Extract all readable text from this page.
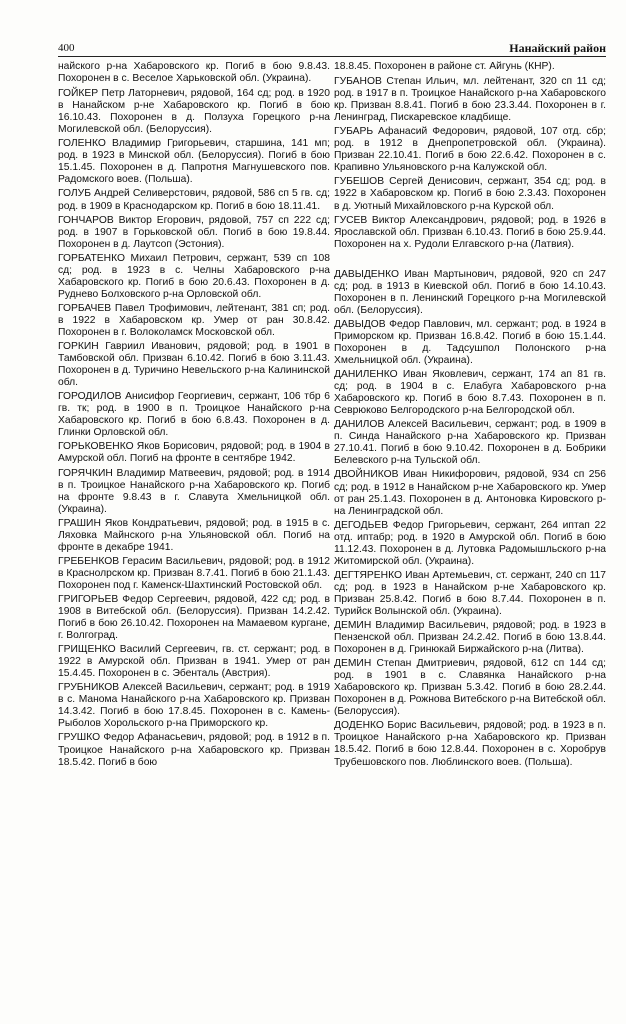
400	Нанайский район
найского р-на Хабаровского кр. Погиб в бою 9.8.43. Похоронен в с. Веселое Харьковской обл. (Украина).
ГОЙКЕР Петр Латорневич, рядовой, 164 сд; род. в 1920 в Нанайском р-не Хабаровского кр. Погиб в бою 16.10.43. Похоронен в д. Ползуха Горецкого р-на Могилевской обл. (Белоруссия).
ГОЛЕНКО Владимир Григорьевич, старшина, 141 мп; род. в 1923 в Минской обл. (Белоруссия). Погиб в бою 15.1.45. Похоронен в д. Папротня Магнушевского пов. Радомского воев. (Польша).
ГОЛУБ Андрей Селиверстович, рядовой, 586 сп 5 гв. сд; род. в 1909 в Краснодарском кр. Погиб в бою 18.11.41.
ГОНЧАРОВ Виктор Егорович, рядовой, 757 сп 222 сд; род. в 1907 в Горьковской обл. Погиб в бою 19.8.44. Похоронен в д. Лаутсоп (Эстония).
ГОРБАТЕНКО Михаил Петрович, сержант, 539 сп 108 сд; род. в 1923 в с. Челны Хабаровского р-на Хабаровского кр. Погиб в бою 20.6.43. Похоронен в д. Руднево Болховского р-на Орловской обл.
ГОРБАЧЕВ Павел Трофимович, лейтенант, 381 сп; род. в 1922 в Хабаровском кр. Умер от ран 30.8.42. Похоронен в г. Волоколамск Московской обл.
ГОРКИН Гавриил Иванович, рядовой; род. в 1901 в Тамбовской обл. Призван 6.10.42. Погиб в бою 3.11.43. Похоронен в д. Туричино Невельского р-на Калининской обл.
ГОРОДИЛОВ Анисифор Георгиевич, сержант, 106 тбр 6 гв. тк; род. в 1900 в п. Троицкое Нанайского р-на Хабаровского кр. Погиб в бою 6.8.43. Похоронен в д. Глинки Орловской обл.
ГОРЬКОВЕНКО Яков Борисович, рядовой; род. в 1904 в Амурской обл. Погиб на фронте в сентябре 1942.
ГОРЯЧКИН Владимир Матвеевич, рядовой; род. в 1914 в п. Троицкое Нанайского р-на Хабаровского кр. Погиб на фронте 9.8.43 в г. Славута Хмельницкой обл. (Украина).
ГРАШИН Яков Кондратьевич, рядовой; род. в 1915 в с. Ляховка Майнского р-на Ульяновской обл. Погиб на фронте в декабре 1941.
ГРЕБЕНКОВ Герасим Васильевич, рядовой; род. в 1912 в Краснолрском кр. Призван 8.7.41. Погиб в бою 21.1.43. Похоронен под г. Каменск-Шахтинский Ростовской обл.
ГРИГОРЬЕВ Федор Сергеевич, рядовой, 422 сд; род. в 1908 в Витебской обл. (Белоруссия). Призван 14.2.42. Погиб в бою 26.10.42. Похоронен на Мамаевом кургане, г. Волгоград.
ГРИЩЕНКО Василий Сергеевич, гв. ст. сержант; род. в 1922 в Амурской обл. Призван в 1941. Умер от ран 15.4.45. Похоронен в с. Эбенталь (Австрия).
ГРУБНИКОВ Алексей Васильевич, сержант; род. в 1919 в с. Манома Нанайского р-на Хабаровского кр. Призван 14.3.42. Погиб в бою 17.8.45. Похоронен в с. Камень-Рыболов Хорольского р-на Приморского кр.
ГРУШКО Федор Афанасьевич, рядовой; род. в 1912 в п. Троицкое Нанайского р-на Хабаровского кр. Призван 18.5.42. Погиб в бою
18.8.45. Похоронен в районе ст. Айгунь (КНР).
ГУБАНОВ Степан Ильич, мл. лейтенант, 320 сп 11 сд; род. в 1917 в п. Троицкое Нанайского р-на Хабаровского кр. Призван 8.8.41. Погиб в бою 23.3.44. Похоронен в г. Ленинград, Пискаревское кладбище.
ГУБАРЬ Афанасий Федорович, рядовой, 107 отд. сбр; род. в 1912 в Днепропетровской обл. (Украина). Призван 22.10.41. Погиб в бою 22.6.42. Похоронен в с. Крапивно Ульяновского р-на Калужской обл.
ГУБЕШОВ Сергей Денисович, сержант, 354 сд; род. в 1922 в Хабаровском кр. Погиб в бою 2.3.43. Похоронен в д. Уютный Михайловского р-на Курской обл.
ГУСЕВ Виктор Александрович, рядовой; род. в 1926 в Ярославской обл. Призван 6.10.43. Погиб в бою 25.9.44. Похоронен на х. Рудоли Елгавского р-на (Латвия).
ДАВЫДЕНКО Иван Мартынович, рядовой, 920 сп 247 сд; род. в 1913 в Киевской обл. Погиб в бою 14.10.43. Похоронен в п. Ленинский Горецкого р-на Могилевской обл. (Белоруссия).
ДАВЫДОВ Федор Павлович, мл. сержант; род. в 1924 в Приморском кр. Призван 16.8.42. Погиб в бою 15.1.44. Похоронен в д. Тадсушпол Полонского р-на Хмельницкой обл. (Украина).
ДАНИЛЕНКО Иван Яковлевич, сержант, 174 ап 81 гв. сд; род. в 1904 в с. Елабуга Хабаровского р-на Хабаровского кр. Погиб в бою 8.7.43. Похоронен в п. Севрюково Белгородского р-на Белгородской обл.
ДАНИЛОВ Алексей Васильевич, сержант; род. в 1909 в п. Синда Нанайского р-на Хабаровского кр. Призван 27.10.41. Погиб в бою 9.10.42. Похоронен в д. Бобрики Белевского р-на Тульской обл.
ДВОЙНИКОВ Иван Никифорович, рядовой, 934 сп 256 сд; род. в 1912 в Нанайском р-не Хабаровского кр. Умер от ран 25.1.43. Похоронен в д. Антоновка Кировского р-на Ленинградской обл.
ДЕГОДЬЕВ Федор Григорьевич, сержант, 264 иптап 22 отд. иптабр; род. в 1920 в Амурской обл. Погиб в бою 11.12.43. Похоронен в д. Лутовка Радомышльского р-на Житомирской обл. (Украина).
ДЕГТЯРЕНКО Иван Артемьевич, ст. сержант, 240 сп 117 сд; род. в 1923 в Нанайском р-не Хабаровского кр. Призван 25.8.42. Погиб в бою 8.7.44. Похоронен в п. Турийск Волынской обл. (Украина).
ДЕМИН Владимир Васильевич, рядовой; род. в 1923 в Пензенской обл. Призван 24.2.42. Погиб в бою 13.8.44. Похоронен в д. Гринюкай Биржайского р-на (Литва).
ДЕМИН Степан Дмитриевич, рядовой, 612 сп 144 сд; род. в 1901 в с. Славянка Нанайского р-на Хабаровского кр. Призван 5.3.42. Погиб в бою 28.2.44. Похоронен в д. Рожнова Витебского р-на Витебской обл. (Белоруссия).
ДОДЕНКО Борис Васильевич, рядовой; род. в 1923 в п. Троицкое Нанайского р-на Хабаровского кр. Призван 18.5.42. Погиб в бою 12.8.44. Похоронен в с. Хоробрув Трубешовского пов. Люблинского воев. (Польша).
